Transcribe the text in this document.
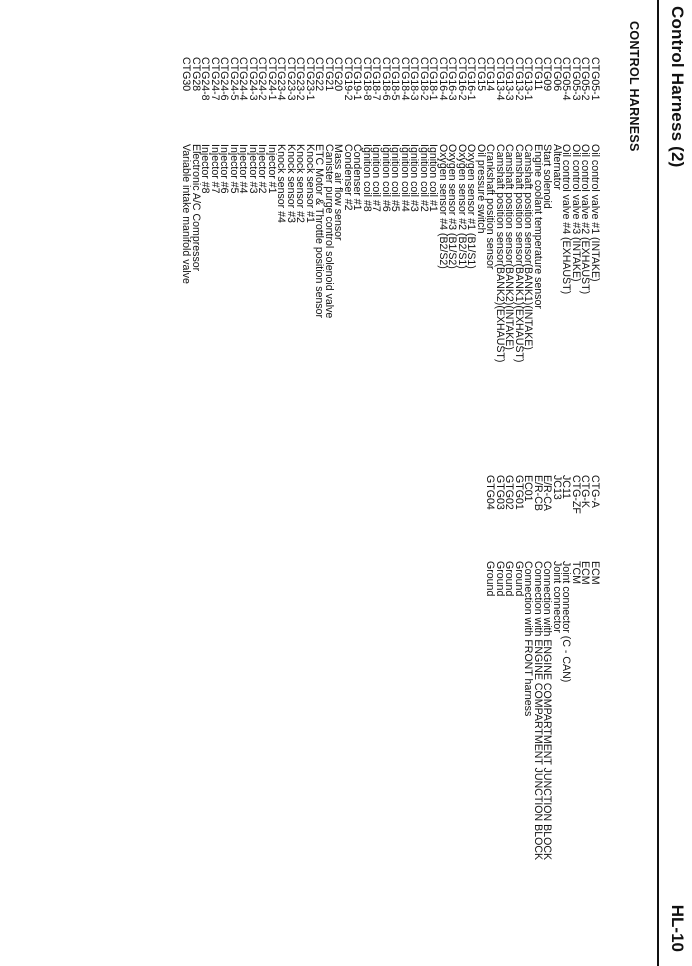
Control Harness (2)
HL-10
CONTROL HARNESS
CTG05-1
Oil control valve #1 (INTAKE)
CTG05-2
Oil control valve #2 (EXHAUST)
CTG05-3
Oil control valve #3 (INTAKE)
CTG05-4
Oil control valve #4 (EXHAUST)
CTG06
Alternator
CTG09
Start solenoid
CTG11
Engine coolant temperature sensor
CTG13-1
Camshaft position sensor(BANK1)(INTAKE)
CTG13-2
Camshaft position sensor(BANK1)(EXHAUST)
CTG13-3
Camshaft position sensor(BANK2)(INTAKE)
CTG13-4
Camshaft position sensor(BANK2)(EXHAUST)
CTG14
Crankshaft position sensor
CTG15
Oil pressure switch
CTG16-1
Oxygen sensor #1 (B1/S1)
CTG16-2
Oxygen sensor #2 (B2/S1)
CTG16-3
Oxygen sensor #3 (B1/S2)
CTG16-4
Oxygen sensor #4 (B2/S2)
CTG18-1
Ignition coil #1
CTG18-2
Ignition coil #2
CTG18-3
Ignition coil #3
CTG18-4
Ignition coil #4
CTG18-5
Ignition coil #5
CTG18-6
Ignition coil #6
CTG18-7
Ignition coil #7
CTG18-8
Ignition coil #8
CTG19-1
Condenser #1
CTG19-2
Condenser #2
CTG20
Mass air flow sensor
CTG21
Canister purge control solenoid valve
CTG22
ETC Motor & Throttle position sensor
CTG23-1
Knock sensor #1
CTG23-2
Knock sensor #2
CTG23-3
Knock sensor #3
CTG23-4
Knock sensor #4
CTG24-1
Injector #1
CTG24-2
Injector #2
CTG24-3
Injector #3
CTG24-4
Injector #4
CTG24-5
Injector #5
CTG24-6
Injector #6
CTG24-7
Injector #7
CTG24-8
Injector #8
CTG28
Electronic A/C Compressor
CTG30
Variable intake manifold valve
CTG-A
ECM
CTG-K
ECM
CTG-ZF
TCM
JC11
Joint connector (C - CAN)
JC13
Joint connector
E/R-CA
Connection with ENGINE COMPARTMENT JUNCTION BLOCK
E/R-CB
Connection with ENGINE COMPARTMENT JUNCTION BLOCK
EC01
Connection with FRONT harness
GTG01
Ground
GTG02
Ground
GTG03
Ground
GTG04
Ground
